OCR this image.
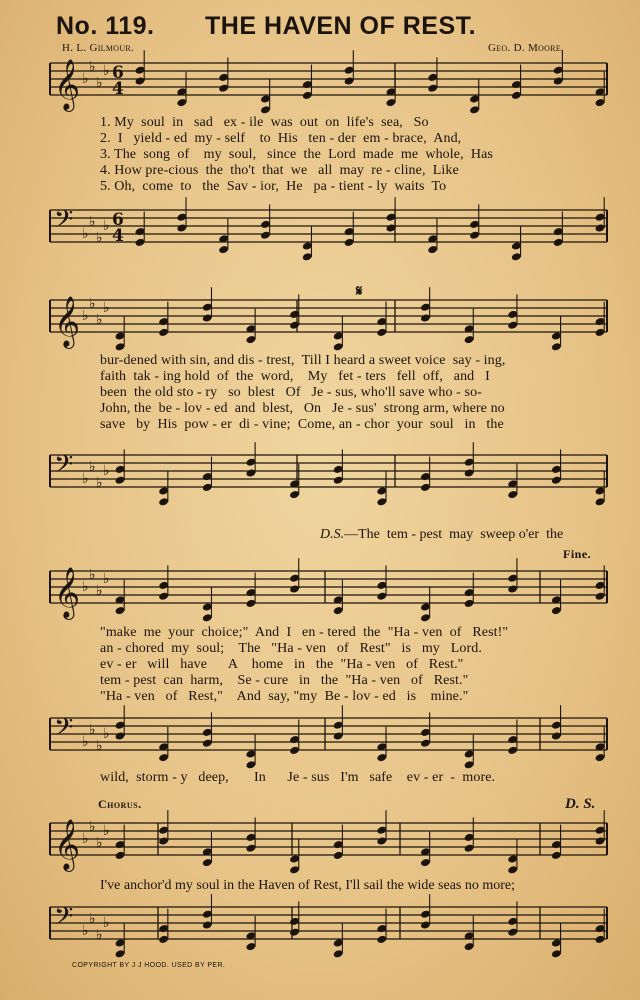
No. 119. THE HAVEN OF REST.
H. L. Gilmour.	Geo. D. Moore.
𝄞 ♭
♭
♭
♭ 6
4
𝄢 ♭
♭
♭
♭ 6
4
1. My  soul  in   sad   ex - ile  was  out  on  life's  sea,   So
2.  I   yield - ed  my - self    to  His   ten - der  em - brace,  And,
3. The  song  of    my  soul,   since  the  Lord  made  me  whole,  Has
4. How pre-cious  the  tho't  that  we   all  may  re - cline,  Like
5. Oh,  come  to   the  Sav - ior,  He   pa - tient - ly  waits  To
𝄋
𝄞 ♭
♭
♭
♭
𝄢 ♭
♭
♭
♭
bur-dened with sin, and dis - trest,  Till I heard a sweet voice  say - ing,
faith  tak - ing hold  of  the  word,    My   fet - ters   fell  off,   and   I
been  the old sto - ry   so  blest   Of   Je - sus, who'll save who - so-
John, the  be - lov - ed  and  blest,   On   Je - sus'  strong arm, where no
save   by  His  pow - er  di - vine;  Come, an - chor  your  soul   in   the

D.S.—The  tem - pest  may  sweep o'er  the

Fine.
𝄞 ♭
♭
♭
♭
𝄢 ♭
♭
♭
♭
"make  me  your  choice;"  And  I   en - tered  the  "Ha - ven  of   Rest!"
an - chored  my  soul;    The   "Ha - ven   of   Rest"   is   my   Lord.
ev - er   will   have      A    home   in   the  "Ha - ven   of   Rest."
tem - pest  can  harm,    Se - cure   in   the  "Ha - ven   of   Rest."
"Ha - ven   of   Rest,"    And  say, "my  Be - lov - ed   is    mine."
wild,  storm - y   deep,       In      Je - sus   I'm   safe    ev - er  -  more.
Chorus.	D. S.
𝄞 ♭
♭
♭
♭
I've anchor'd my soul in the Haven of Rest, I'll sail the wide seas no more;
𝄢 ♭
♭
♭
♭
COPYRIGHT BY J J HOOD. USED BY PER.
